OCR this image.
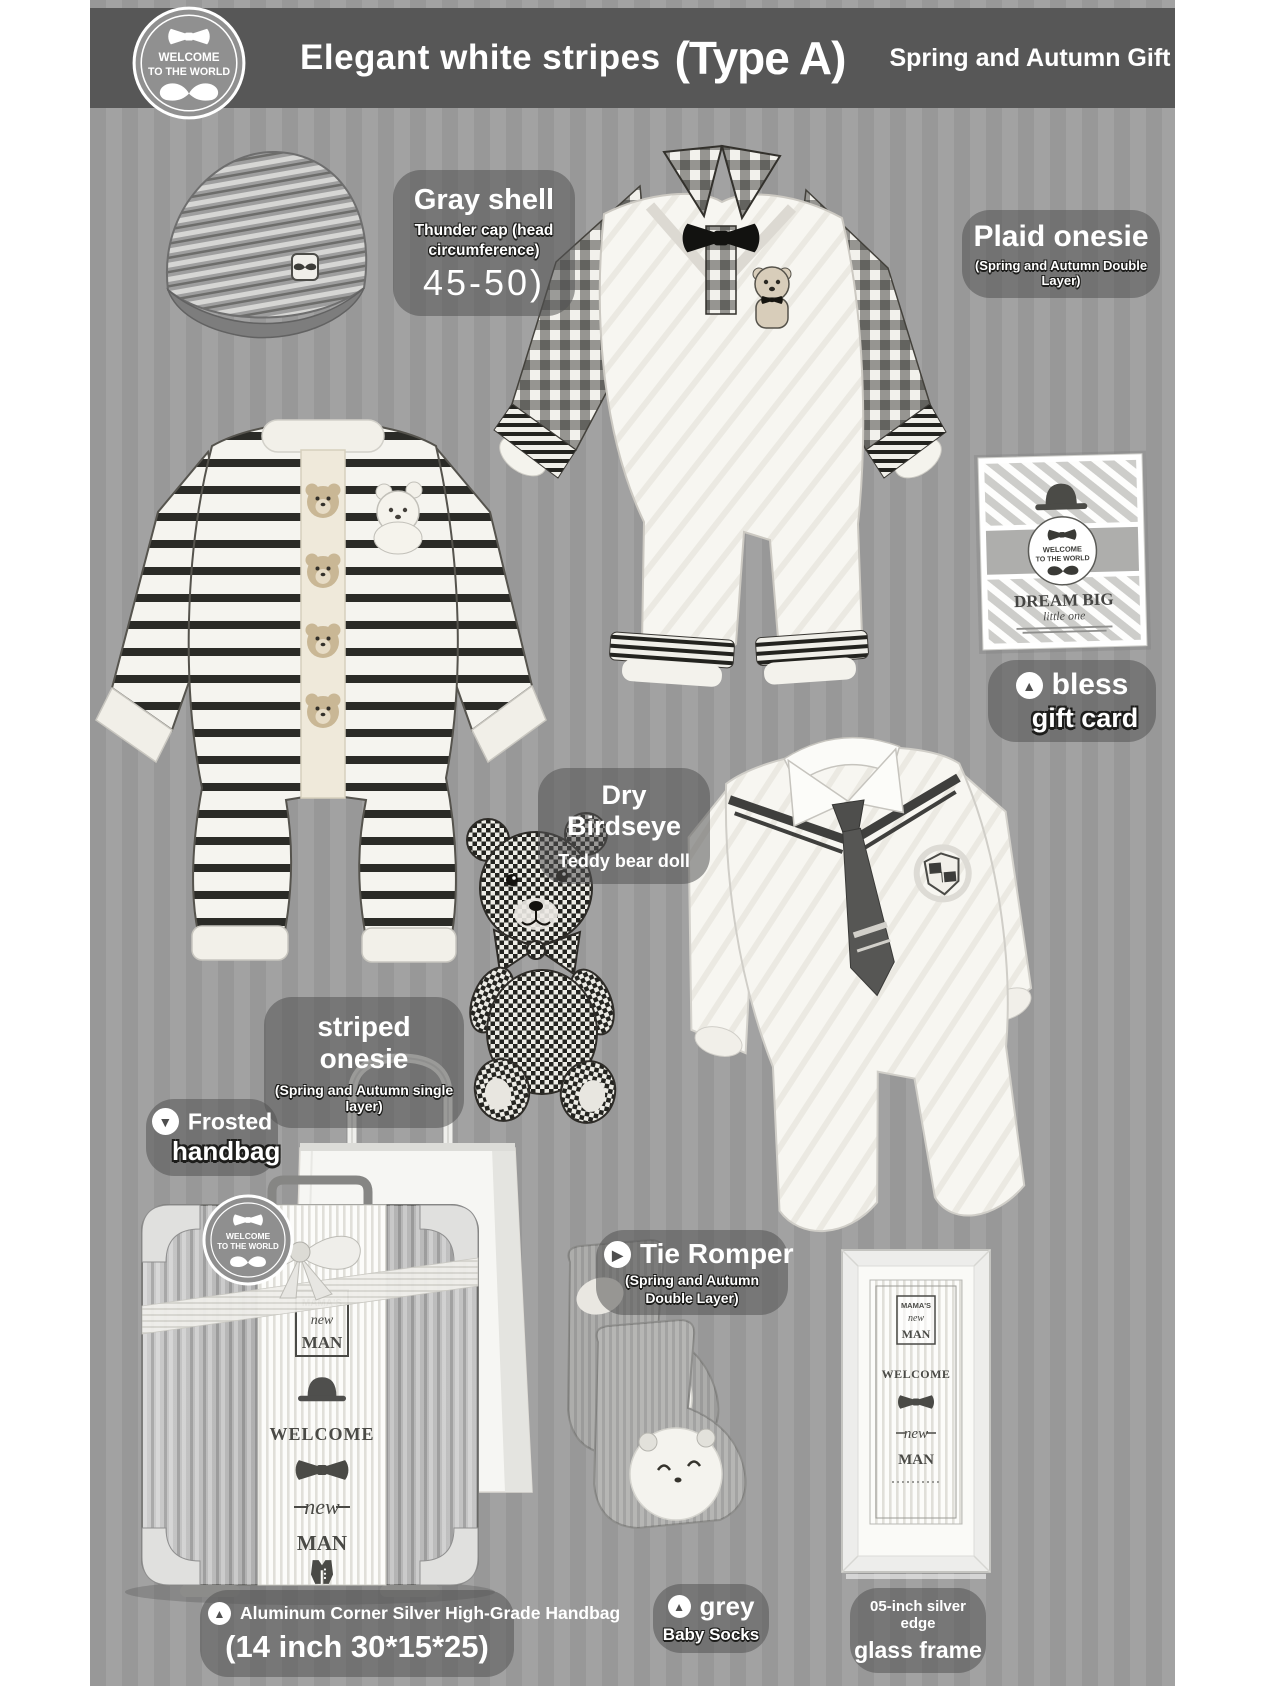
WELCOME
TO THE WORLD Elegant white stripes (Type A) Spring and Autumn Gift Box
WELCOME
TO THE WORLD
DREAM BIG
little one
new
MAN
WELCOME
new
MAN
WELCOME
TO THE WORLD
MAMA'S
new
MAN
WELCOME
new
MAN
Gray shell
Thunder cap (head circumference)
45-50)
Plaid onesie
(Spring and Autumn Double Layer)
▲ bless
gift card
Dry Birdseye
Teddy bear doll
striped onesie
(Spring and Autumn single layer)
▼ Frosted
handbag
▶ Tie Romper
(Spring and Autumn Double Layer)
▲ Aluminum Corner Silver High-Grade Handbag
(14 inch 30*15*25)
▲ grey
Baby Socks
05-inch silver edge
glass frame
